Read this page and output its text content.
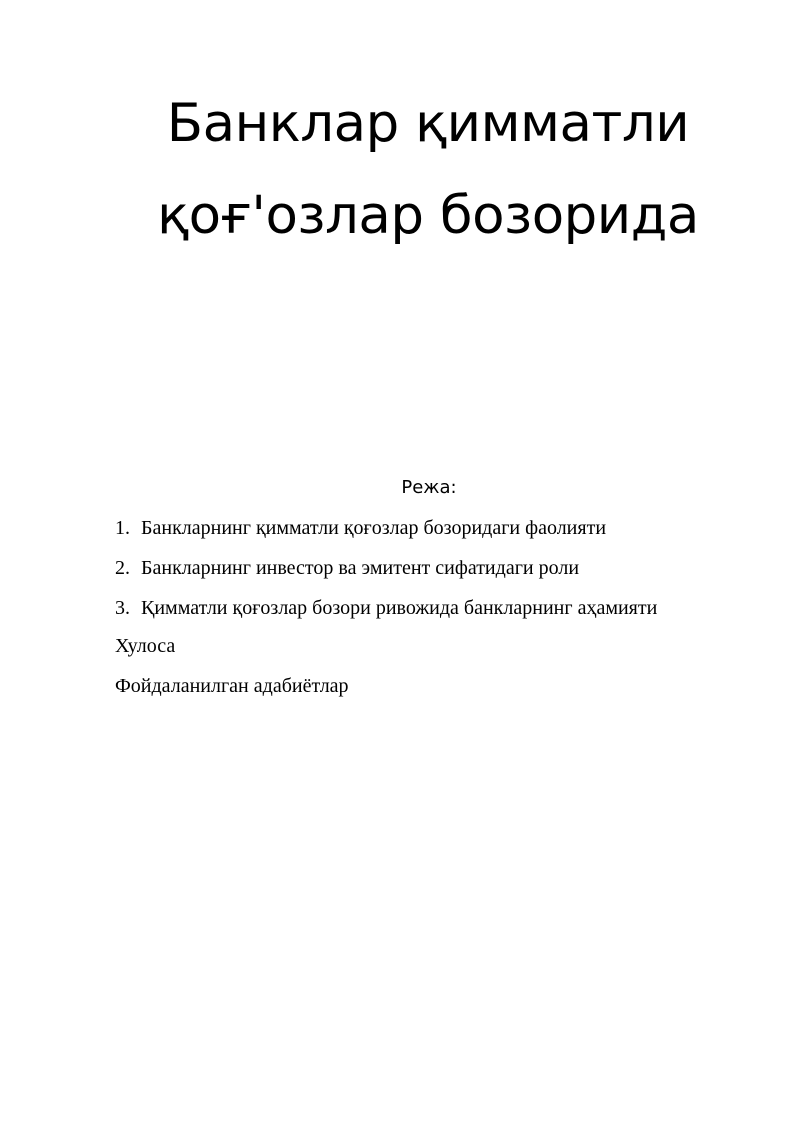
Банклар қимматли
қоғ'озлар бозорида

Режа:

1. Банкларнинг қимматли қоғозлар бозоридаги фаолияти
2. Банкларнинг инвестор ва эмитент сифатидаги роли
3. Қимматли қоғозлар бозори ривожида банкларнинг аҳамияти

Хулоса

Фойдаланилган адабиётлар
